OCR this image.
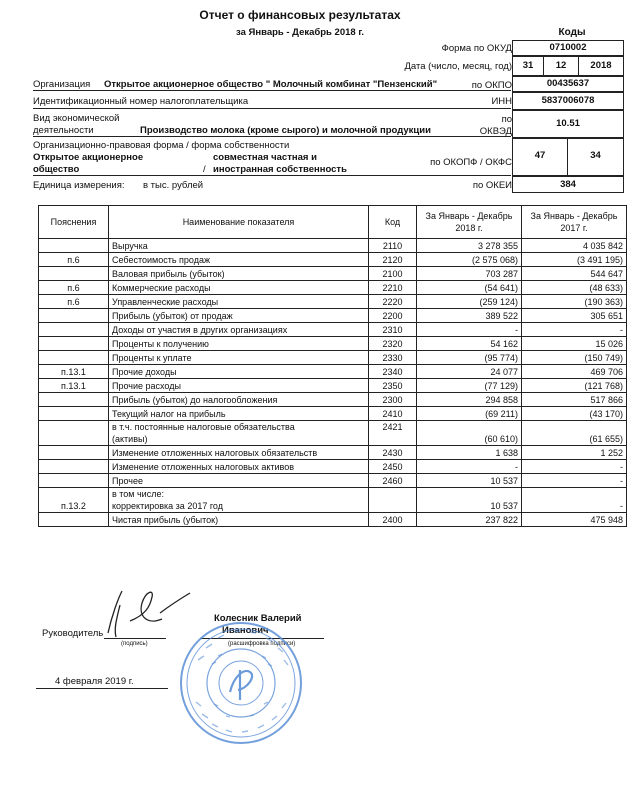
Отчет о финансовых результатах
за Январь - Декабрь 2018 г.	Коды
Форма по ОКУД	0710002
Дата (число, месяц, год)	31	12	2018
по ОКПО	00435637
ИНН	5837006078
по
ОКВЭД
10.51
по ОКОПФ / ОКФС
47	34
по ОКЕИ	384
Организация Открытое акционерное общество " Молочный комбинат "Пензенский"
Идентификационный номер налогоплательщика
Вид экономической
деятельности	Производство молока (кроме сырого) и молочной продукции
Организационно-правовая форма / форма собственности
Открытое акционерное
общество	/
совместная частная и
иностранная собственность
Единица измерения: в тыс. рублей
Пояснения	Наименование показателя	Код	За Январь - Декабрь 2018 г.	За Январь - Декабрь 2017 г.
	Выручка	2110	3 278 355	4 035 842
п.6	Себестоимость продаж	2120	(2 575 068)	(3 491 195)
	Валовая прибыль (убыток)	2100	703 287	544 647
п.6	Коммерческие расходы	2210	(54 641)	(48 633)
п.6	Управленческие расходы	2220	(259 124)	(190 363)
	Прибыль (убыток) от продаж	2200	389 522	305 651
	Доходы от участия в других организациях	2310	-	-
	Проценты к получению	2320	54 162	15 026
	Проценты к уплате	2330	(95 774)	(150 749)
п.13.1	Прочие доходы	2340	24 077	469 706
п.13.1	Прочие расходы	2350	(77 129)	(121 768)
	Прибыль (убыток) до налогообложения	2300	294 858	517 866
	Текущий налог на прибыль	2410	(69 211)	(43 170)

	в т.ч. постоянные налоговые обязательства
(активы)	2421	(60 610)	(61 655)
	Изменение отложенных налоговых обязательств	2430	1 638	1 252
	Изменение отложенных налоговых активов	2450	-	-
	Прочее	2460	10 537	-
п.13.2	в том числе:
корректировка за 2017 год		10 537	-
	Чистая прибыль (убыток)	2400	237 822	475 948
Руководитель
(подпись)
Колесник Валерий
Иванович
(расшифровка подписи)
4 февраля 2019 г.
